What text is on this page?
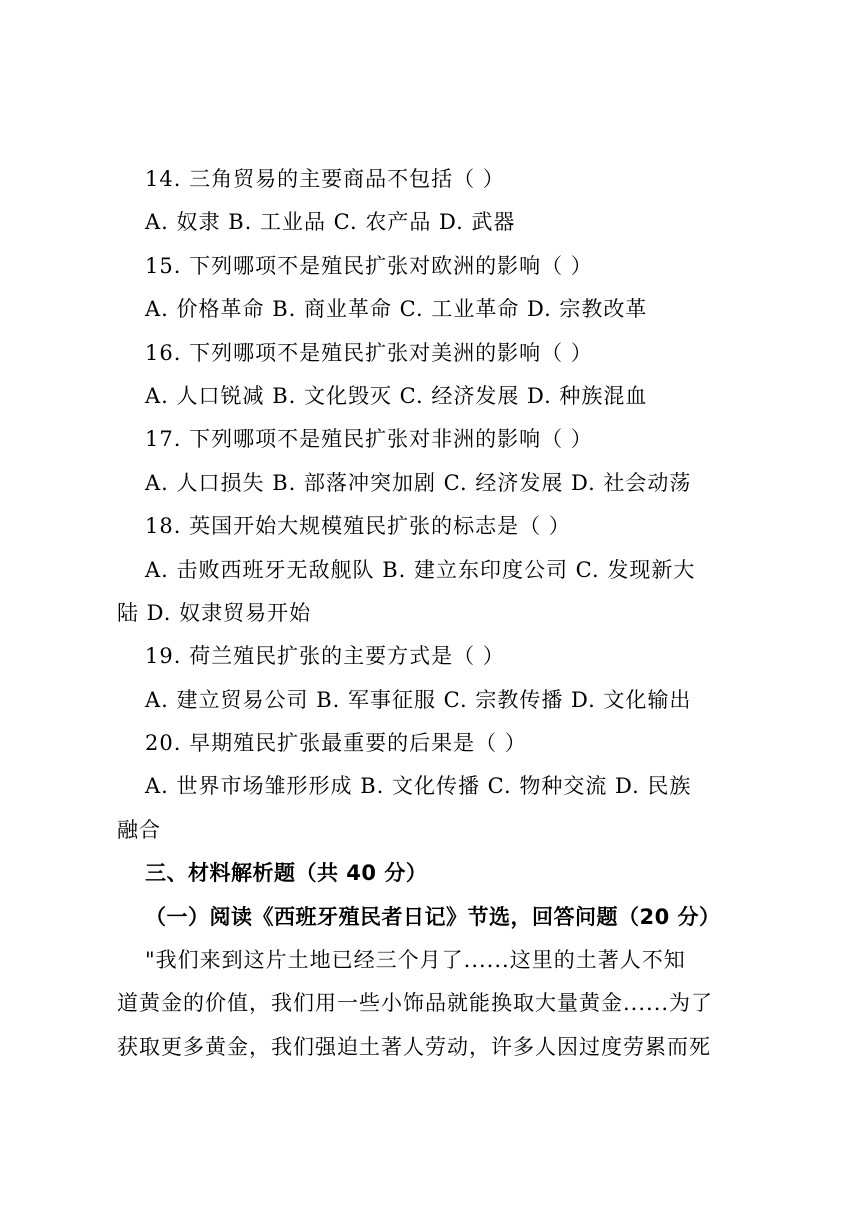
14. 三角贸易的主要商品不包括（ ）
A. 奴隶 B. 工业品 C. 农产品 D. 武器
15. 下列哪项不是殖民扩张对欧洲的影响（ ）
A. 价格革命 B. 商业革命 C. 工业革命 D. 宗教改革
16. 下列哪项不是殖民扩张对美洲的影响（ ）
A. 人口锐减 B. 文化毁灭 C. 经济发展 D. 种族混血
17. 下列哪项不是殖民扩张对非洲的影响（ ）
A. 人口损失 B. 部落冲突加剧 C. 经济发展 D. 社会动荡
18. 英国开始大规模殖民扩张的标志是（ ）
A. 击败西班牙无敌舰队 B. 建立东印度公司 C. 发现新大
陆 D. 奴隶贸易开始
19. 荷兰殖民扩张的主要方式是（ ）
A. 建立贸易公司 B. 军事征服 C. 宗教传播 D. 文化输出
20. 早期殖民扩张最重要的后果是（ ）
A. 世界市场雏形形成 B. 文化传播 C. 物种交流 D. 民族
融合
三、材料解析题（共 40 分）
（一）阅读《西班牙殖民者日记》节选，回答问题（20 分）
"我们来到这片土地已经三个月了......这里的土著人不知
道黄金的价值，我们用一些小饰品就能换取大量黄金......为了
获取更多黄金，我们强迫土著人劳动，许多人因过度劳累而死
